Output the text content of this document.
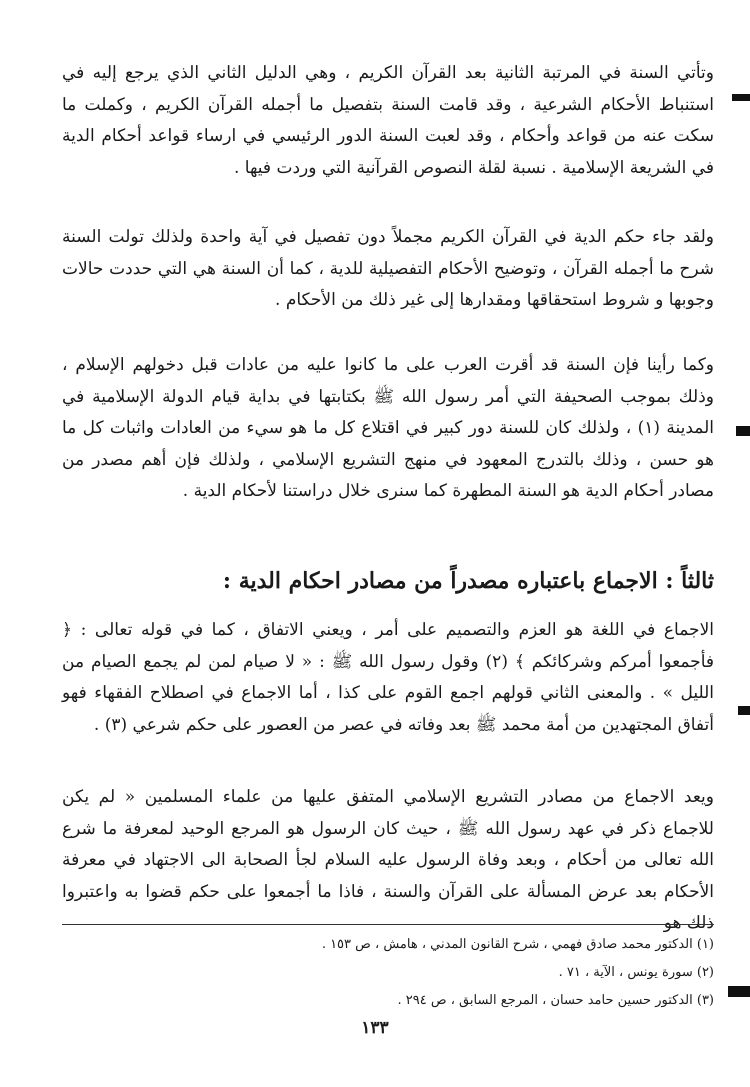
وتأتي السنة في المرتبة الثانية بعد القرآن الكريم ، وهي الدليل الثاني الذي يرجع إليه في استنباط الأحكام الشرعية ، وقد قامت السنة بتفصيل ما أجمله القرآن الكريم ، وكملت ما سكت عنه من قواعد وأحكام ، وقد لعبت السنة الدور الرئيسي في ارساء قواعد أحكام الدية في الشريعة الإسلامية . نسبة لقلة النصوص القرآنية التي وردت فيها .

ولقد جاء حكم الدية في القرآن الكريم مجملاً دون تفصيل في آية واحدة ولذلك تولت السنة شرح ما أجمله القرآن ، وتوضيح الأحكام التفصيلية للدية ، كما أن السنة هي التي حددت حالات وجوبها و شروط استحقاقها ومقدارها إلى غير ذلك من الأحكام .

وكما رأينا فإن السنة قد أقرت العرب على ما كانوا عليه من عادات قبل دخولهم الإسلام ، وذلك بموجب الصحيفة التي أمر رسول الله ﷺ بكتابتها في بداية قيام الدولة الإسلامية في المدينة (١) ، ولذلك كان للسنة دور كبير في اقتلاع كل ما هو سيء من العادات واثبات كل ما هو حسن ، وذلك بالتدرج المعهود في منهج التشريع الإسلامي ، ولذلك فإن أهم مصدر من مصادر أحكام الدية هو السنة المطهرة كما سنرى خلال دراستنا لأحكام الدية .

ثالثاً : الاجماع باعتباره مصدراً من مصادر احكام الدية :

الاجماع في اللغة هو العزم والتصميم على أمر ، ويعني الاتفاق ، كما في قوله تعالى : ﴿ فأجمعوا أمركم وشركائكم ﴾ (٢) وقول رسول الله ﷺ : « لا صيام لمن لم يجمع الصيام من الليل » . والمعنى الثاني قولهم اجمع القوم على كذا ، أما الاجماع في اصطلاح الفقهاء فهو أتفاق المجتهدين من أمة محمد ﷺ بعد وفاته في عصر من العصور على حكم شرعي (٣) .

ويعد الاجماع من مصادر التشريع الإسلامي المتفق عليها من علماء المسلمين « لم يكن للاجماع ذكر في عهد رسول الله ﷺ ، حيث كان الرسول هو المرجع الوحيد لمعرفة ما شرع الله تعالى من أحكام ، وبعد وفاة الرسول عليه السلام لجأ الصحابة الى الاجتهاد في معرفة الأحكام بعد عرض المسألة على القرآن والسنة ، فاذا ما أجمعوا على حكم قضوا به واعتبروا ذلك هو

(١) الدكتور محمد صادق فهمي ، شرح القانون المدني ، هامش ، ص ١٥٣ .

(٢) سورة يونس ، الآية ، ٧١ .

(٣) الدكتور حسين حامد حسان ، المرجع السابق ، ص ٢٩٤ .

١٣٣
